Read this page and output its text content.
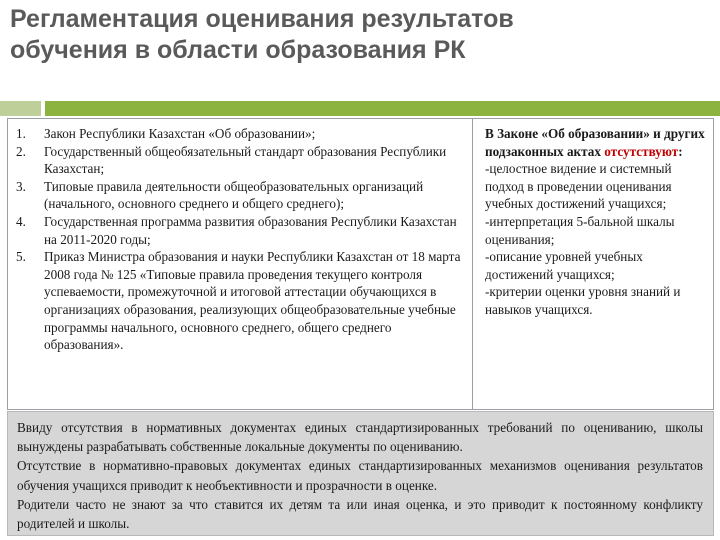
Регламентация оценивания результатов
обучения в области образования РК
1.	Закон Республики Казахстан «Об образовании»;
2.	Государственный общеобязательный стандарт образования Республики Казахстан;
3.	Типовые правила деятельности общеобразовательных организаций (начального, основного среднего и общего среднего);
4.	Государственная программа развития образования Республики Казахстан на 2011-2020 годы;
5.	Приказ Министра образования и науки Республики Казахстан от 18 марта 2008 года № 125 «Типовые правила проведения текущего контроля успеваемости, промежуточной и итоговой аттестации обучающихся в организациях образования, реализующих общеобразовательные учебные программы начального, основного среднего, общего среднего образования».
В Законе «Об образовании» и других подзаконных актах отсутствуют:
-целостное видение и системный подход в проведении оценивания учебных достижений учащихся;
-интерпретация 5-бальной шкалы оценивания;
-описание уровней учебных достижений учащихся;
-критерии оценки уровня знаний и навыков учащихся.

Ввиду отсутствия в нормативных документах единых стандартизированных требований по оцениванию, школы вынуждены разрабатывать собственные локальные документы по оцениванию.

Отсутствие в нормативно-правовых документах единых стандартизированных механизмов оценивания результатов обучения учащихся приводит к необъективности и прозрачности в оценке.

Родители часто не знают за что ставится их детям та или иная оценка, и это приводит к постоянному конфликту родителей и школы.
